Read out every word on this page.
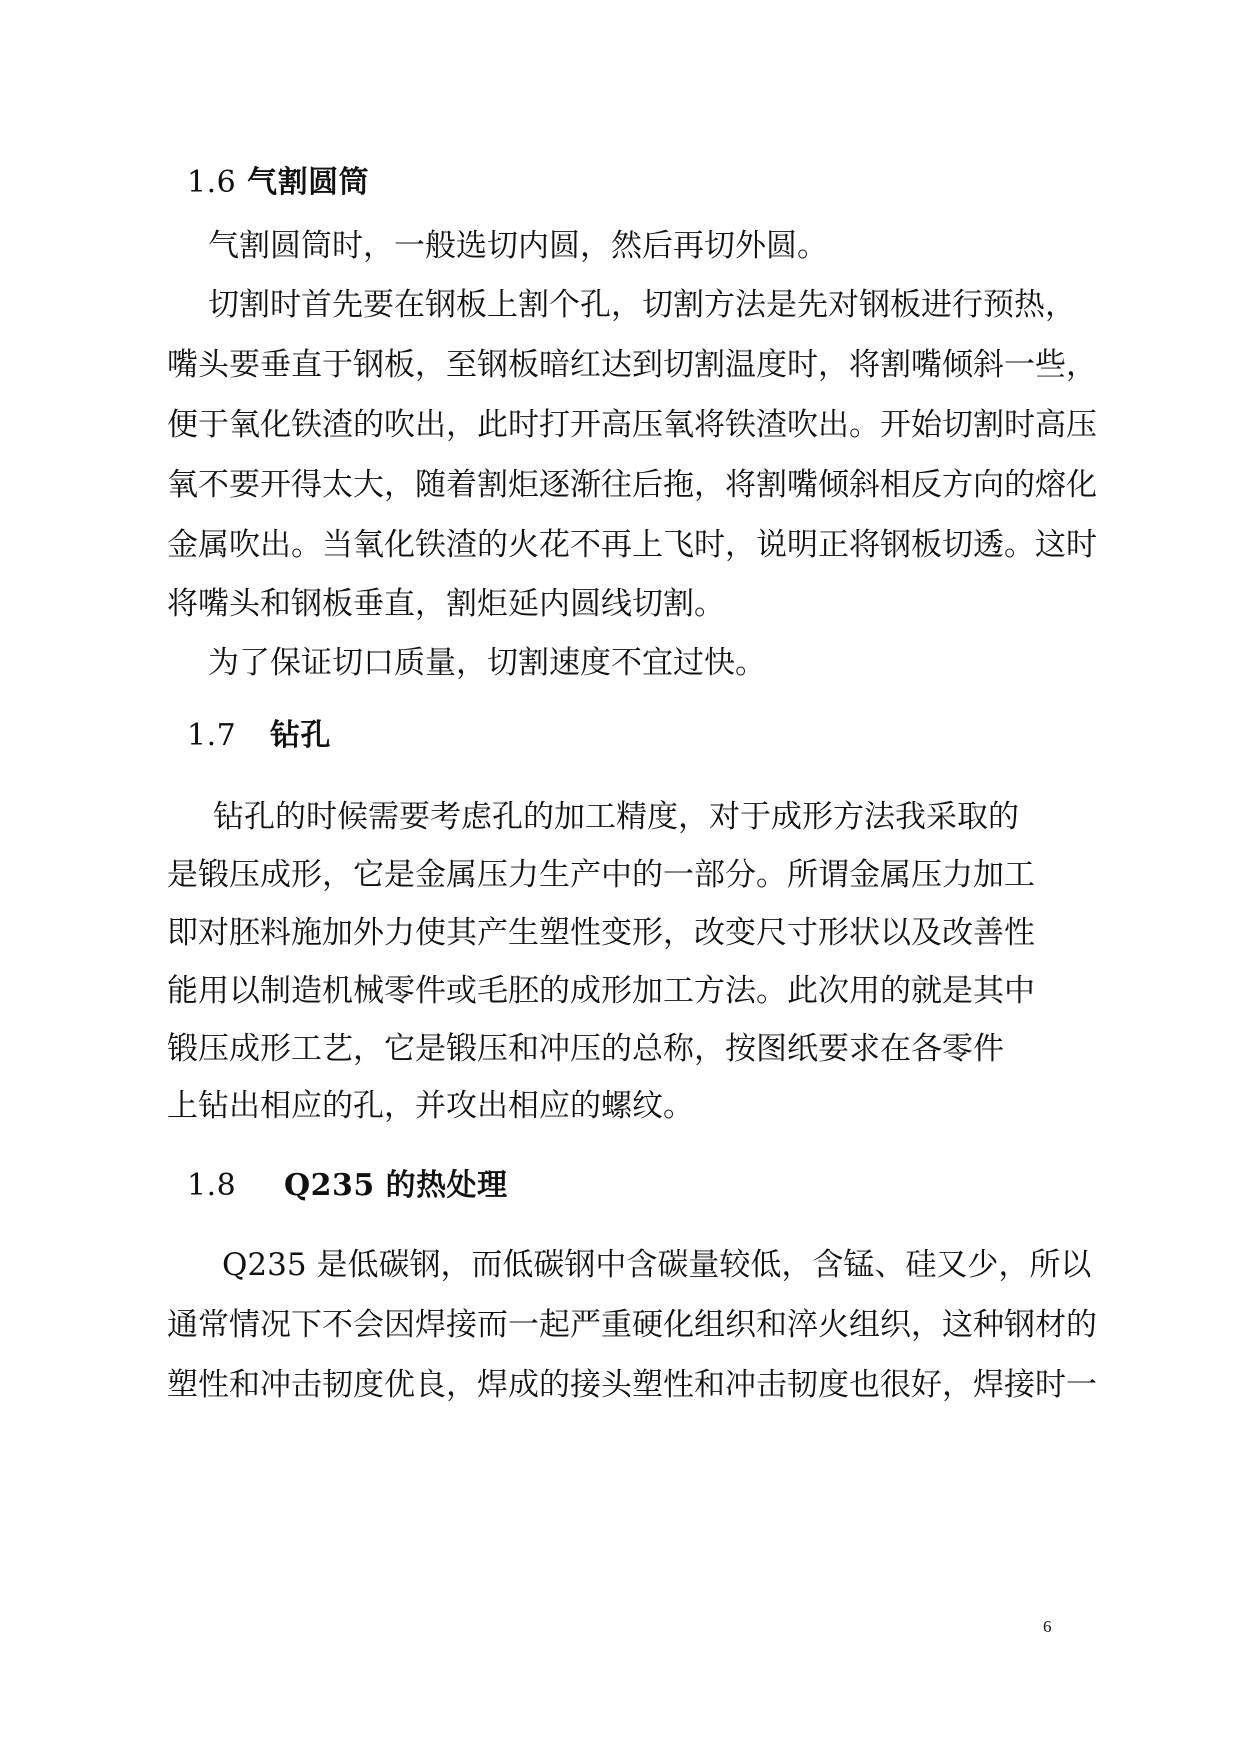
1.6 气割圆筒
气割圆筒时，一般选切内圆，然后再切外圆。
切割时首先要在钢板上割个孔，切割方法是先对钢板进行预热，
嘴头要垂直于钢板，至钢板暗红达到切割温度时，将割嘴倾斜一些，
便于氧化铁渣的吹出，此时打开高压氧将铁渣吹出。开始切割时高压
氧不要开得太大，随着割炬逐渐往后拖，将割嘴倾斜相反方向的熔化
金属吹出。当氧化铁渣的火花不再上飞时，说明正将钢板切透。这时
将嘴头和钢板垂直，割炬延内圆线切割。
为了保证切口质量，切割速度不宜过快。
1.7 钻孔
钻孔的时候需要考虑孔的加工精度，对于成形方法我采取的
是锻压成形，它是金属压力生产中的一部分。所谓金属压力加工
即对胚料施加外力使其产生塑性变形，改变尺寸形状以及改善性
能用以制造机械零件或毛胚的成形加工方法。此次用的就是其中
锻压成形工艺，它是锻压和冲压的总称，按图纸要求在各零件
上钻出相应的孔，并攻出相应的螺纹。
1.8 Q235 的热处理
Q235 是低碳钢，而低碳钢中含碳量较低，含锰、硅又少，所以
通常情况下不会因焊接而一起严重硬化组织和淬火组织，这种钢材的
塑性和冲击韧度优良，焊成的接头塑性和冲击韧度也很好，焊接时一
6
